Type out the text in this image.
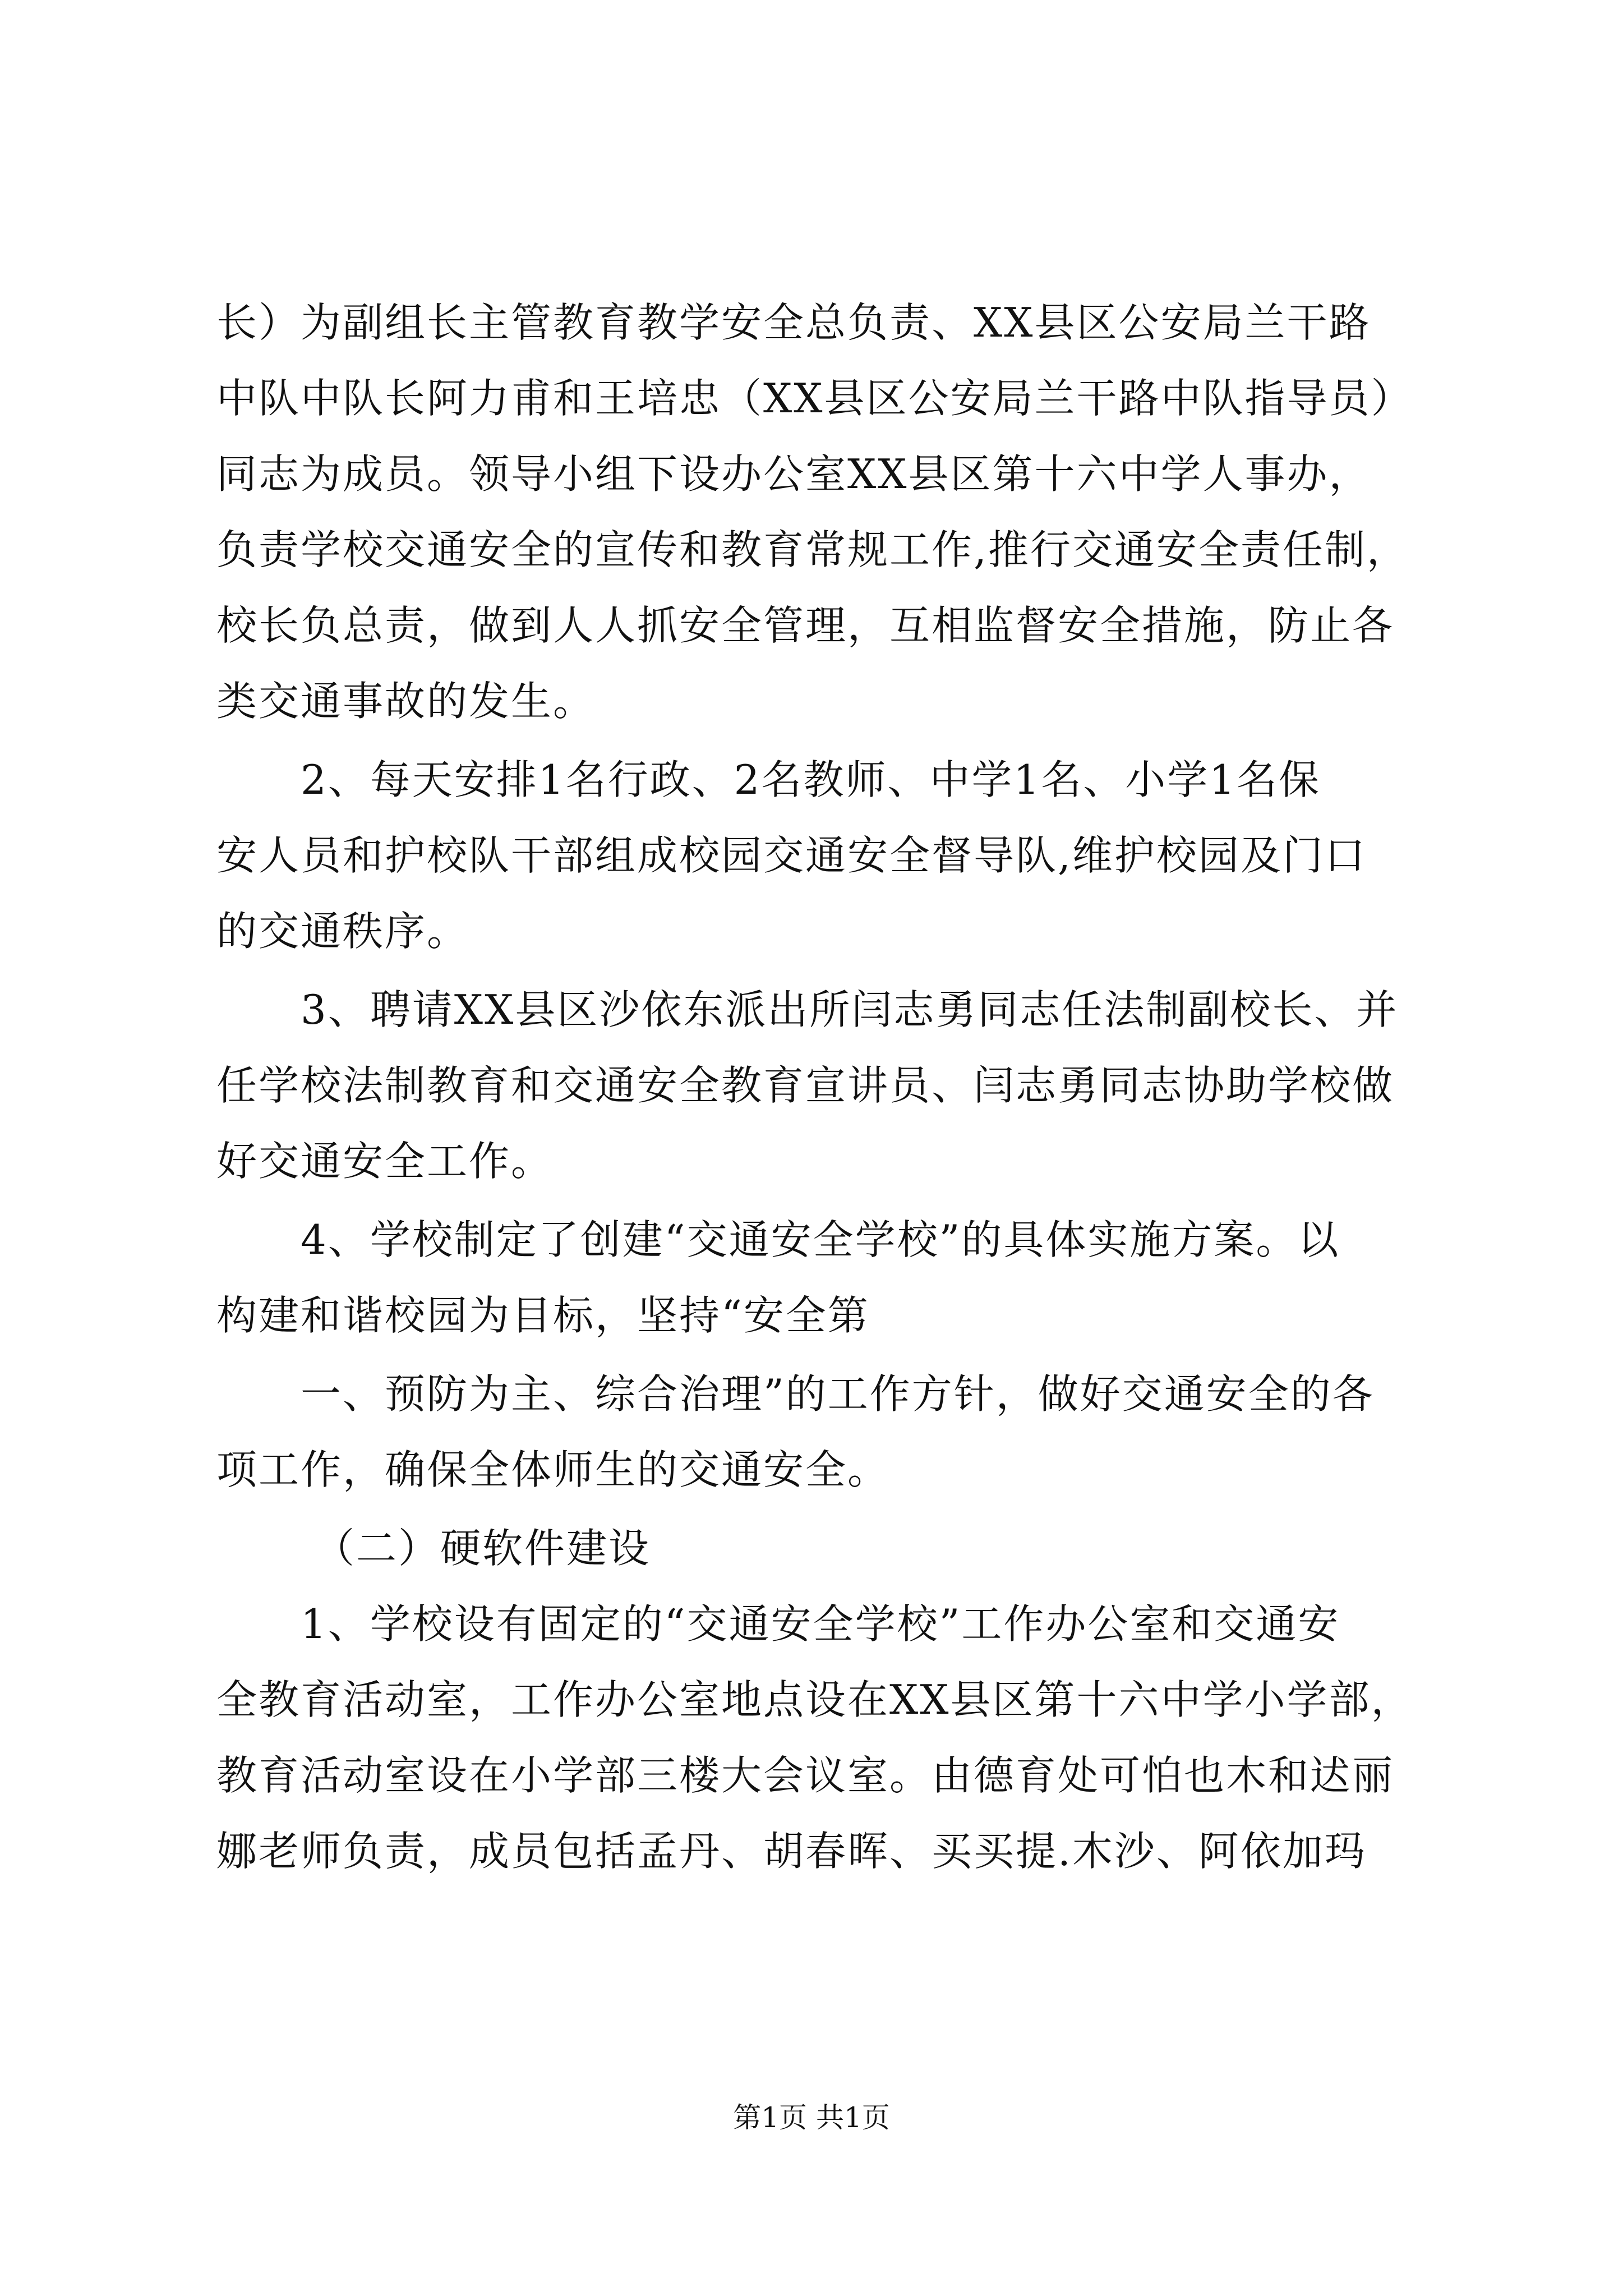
长）为副组长主管教育教学安全总负责、XX县区公安局兰干路
中队中队长阿力甫和王培忠（XX县区公安局兰干路中队指导员）
同志为成员。领导小组下设办公室XX县区第十六中学人事办，
负责学校交通安全的宣传和教育常规工作,推行交通安全责任制，
校长负总责，做到人人抓安全管理，互相监督安全措施，防止各
类交通事故的发生。
2、每天安排1名行政、2名教师、中学1名、小学1名保
安人员和护校队干部组成校园交通安全督导队,维护校园及门口
的交通秩序。
3、聘请XX县区沙依东派出所闫志勇同志任法制副校长、并
任学校法制教育和交通安全教育宣讲员、闫志勇同志协助学校做
好交通安全工作。
4、学校制定了创建“交通安全学校”的具体实施方案。以
构建和谐校园为目标，坚持“安全第
一、预防为主、综合治理”的工作方针，做好交通安全的各
项工作，确保全体师生的交通安全。
（二）硬软件建设
1、学校设有固定的“交通安全学校”工作办公室和交通安
全教育活动室，工作办公室地点设在XX县区第十六中学小学部，
教育活动室设在小学部三楼大会议室。由德育处可怕也木和迖丽
娜老师负责，成员包括孟丹、胡春晖、买买提.木沙、阿依加玛
第1页 共1页
